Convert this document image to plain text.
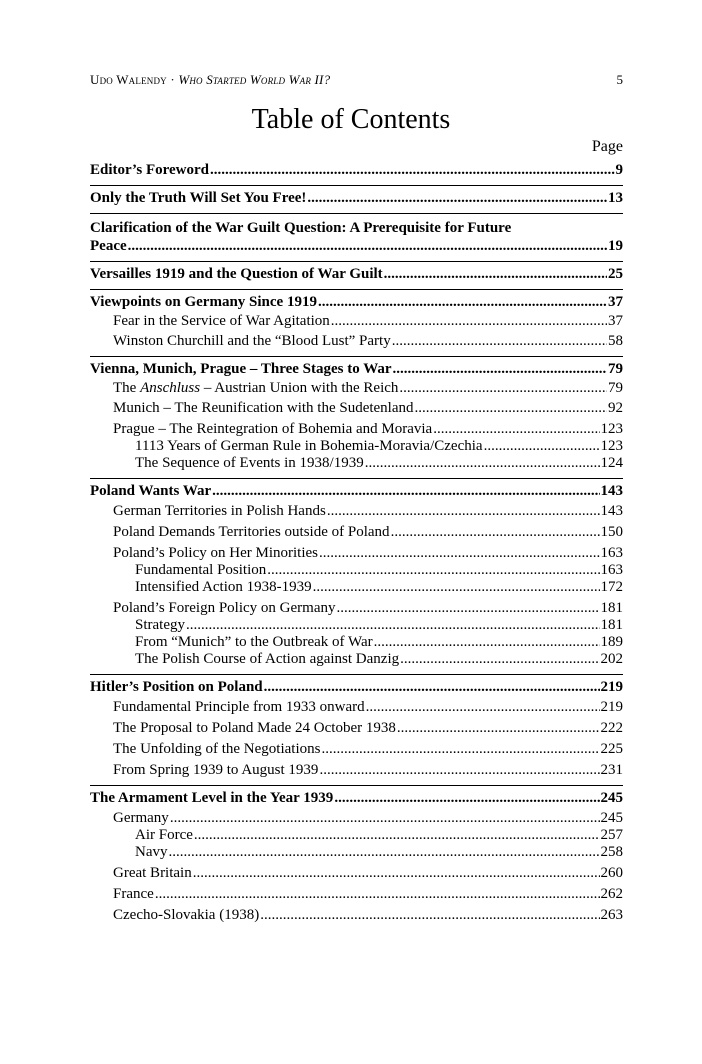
Udo Walendy · Who Started World War II?	5
Table of Contents
Page
Editor’s Foreword .....	9
Only the Truth Will Set You Free! .....	13
Clarification of the War Guilt Question: A Prerequisite for Future
Peace .....	19
Versailles 1919 and the Question of War Guilt .....	25
Viewpoints on Germany Since 1919 .....	37
Fear in the Service of War Agitation .....	37
Winston Churchill and the “Blood Lust” Party .....	58
Vienna, Munich, Prague – Three Stages to War .....	79
The Anschluss – Austrian Union with the Reich .....	79
Munich – The Reunification with the Sudetenland .....	92
Prague – The Reintegration of Bohemia and Moravia .....	123
1113 Years of German Rule in Bohemia-Moravia/Czechia .....	123
The Sequence of Events in 1938/1939 .....	124
Poland Wants War .....	143
German Territories in Polish Hands .....	143
Poland Demands Territories outside of Poland .....	150
Poland’s Policy on Her Minorities .....	163
Fundamental Position .....	163
Intensified Action 1938-1939 .....	172
Poland’s Foreign Policy on Germany .....	181
Strategy .....	181
From “Munich” to the Outbreak of War .....	189
The Polish Course of Action against Danzig .....	202
Hitler’s Position on Poland .....	219
Fundamental Principle from 1933 onward .....	219
The Proposal to Poland Made 24 October 1938 .....	222
The Unfolding of the Negotiations .....	225
From Spring 1939 to August 1939 .....	231
The Armament Level in the Year 1939 .....	245
Germany .....	245
Air Force .....	257
Navy .....	258
Great Britain .....	260
France .....	262
Czecho-Slovakia (1938) .....	263
